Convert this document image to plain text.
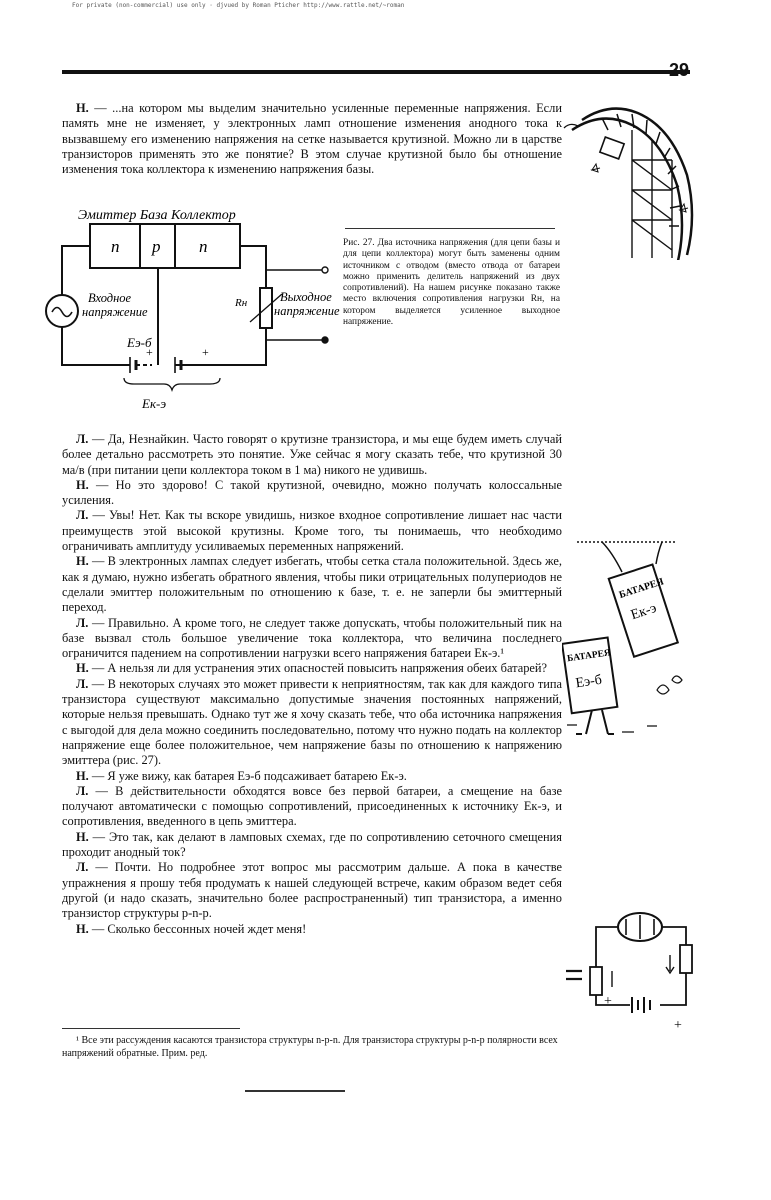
For private (non-commercial) use only · djvued by Roman Pticher http://www.rattle.net/~roman
29

Н. — ...на котором мы выделим значительно усиленные переменные напряжения. Если память мне не изменяет, у электронных ламп отношение изменения анодного тока к вызвавшему его изменению напряжения на сетке называется крутизной. Можно ли в царстве транзисторов применять это же понятие? В этом случае крутизной было бы отношение изменения тока коллектора к изменению напряжения базы.

Эмиттер База Коллектор
n p n
+	+
Eэ-б
Eк-э
Входное
напряжение
Выходное
напряжение
Rн
Рис. 27. Два источника напряжения (для цепи базы и для цепи коллектора) могут быть заменены одним источником с отводом (вместо отвода от батареи можно применить делитель напряжений из двух сопротивлений). На нашем рисунке показано также место включения сопротивления нагрузки Rн, на котором выделяется усиленное выходное напряжение.
БАТАРЕЯ
Eк-э
БАТАРЕЯ
Eэ-б
+
+

Л. — Да, Незнайкин. Часто говорят о крутизне транзистора, и мы еще будем иметь случай более детально рассмотреть это понятие. Уже сейчас я могу сказать тебе, что крутизной 30 ма/в (при питании цепи коллектора током в 1 ма) никого не удивишь.

Н. — Но это здорово! С такой крутизной, очевидно, можно получать колоссальные усиления.

Л. — Увы! Нет. Как ты вскоре увидишь, низкое входное сопротивление лишает нас части преимуществ этой высокой крутизны. Кроме того, ты понимаешь, что необходимо ограничивать амплитуду усиливаемых переменных напряжений.

Н. — В электронных лампах следует избегать, чтобы сетка стала положительной. Здесь же, как я думаю, нужно избегать обратного явления, чтобы пики отрицательных полупериодов не сделали эмиттер положительным по отношению к базе, т. е. не заперли бы эмиттерный переход.

Л. — Правильно. А кроме того, не следует также допускать, чтобы положительный пик на базе вызвал столь большое увеличение тока коллектора, что величина последнего ограничится падением на сопротивлении нагрузки всего напряжения батареи Eк-э.¹

Н. — А нельзя ли для устранения этих опасностей повысить напряжения обеих батарей?

Л. — В некоторых случаях это может привести к неприятностям, так как для каждого типа транзистора существуют максимально допустимые значения постоянных напряжений, которые нельзя превышать. Однако тут же я хочу сказать тебе, что оба источника напряжения с выгодой для дела можно соединить последовательно, потому что нужно подать на коллектор напряжение еще более положительное, чем напряжение базы по отношению к напряжению эмиттера (рис. 27).

Н. — Я уже вижу, как батарея Eэ-б подсаживает батарею Eк-э.

Л. — В действительности обходятся вовсе без первой батареи, а смещение на базе получают автоматически с помощью сопротивлений, присоединенных к источнику Eк-э, и сопротивления, введенного в цепь эмиттера.

Н. — Это так, как делают в ламповых схемах, где по сопротивлению сеточного смещения проходит анодный ток?

Л. — Почти. Но подробнее этот вопрос мы рассмотрим дальше. А пока в качестве упражнения я прошу тебя продумать к нашей следующей встрече, каким образом ведет себя другой (и надо сказать, значительно более распространенный) тип транзистора, а именно транзистор структуры p-n-p.

Н. — Сколько бессонных ночей ждет меня!

¹ Все эти рассуждения касаются транзистора структуры n-p-n. Для транзистора структуры p-n-p полярности всех напряжений обратные. Прим. ред.
